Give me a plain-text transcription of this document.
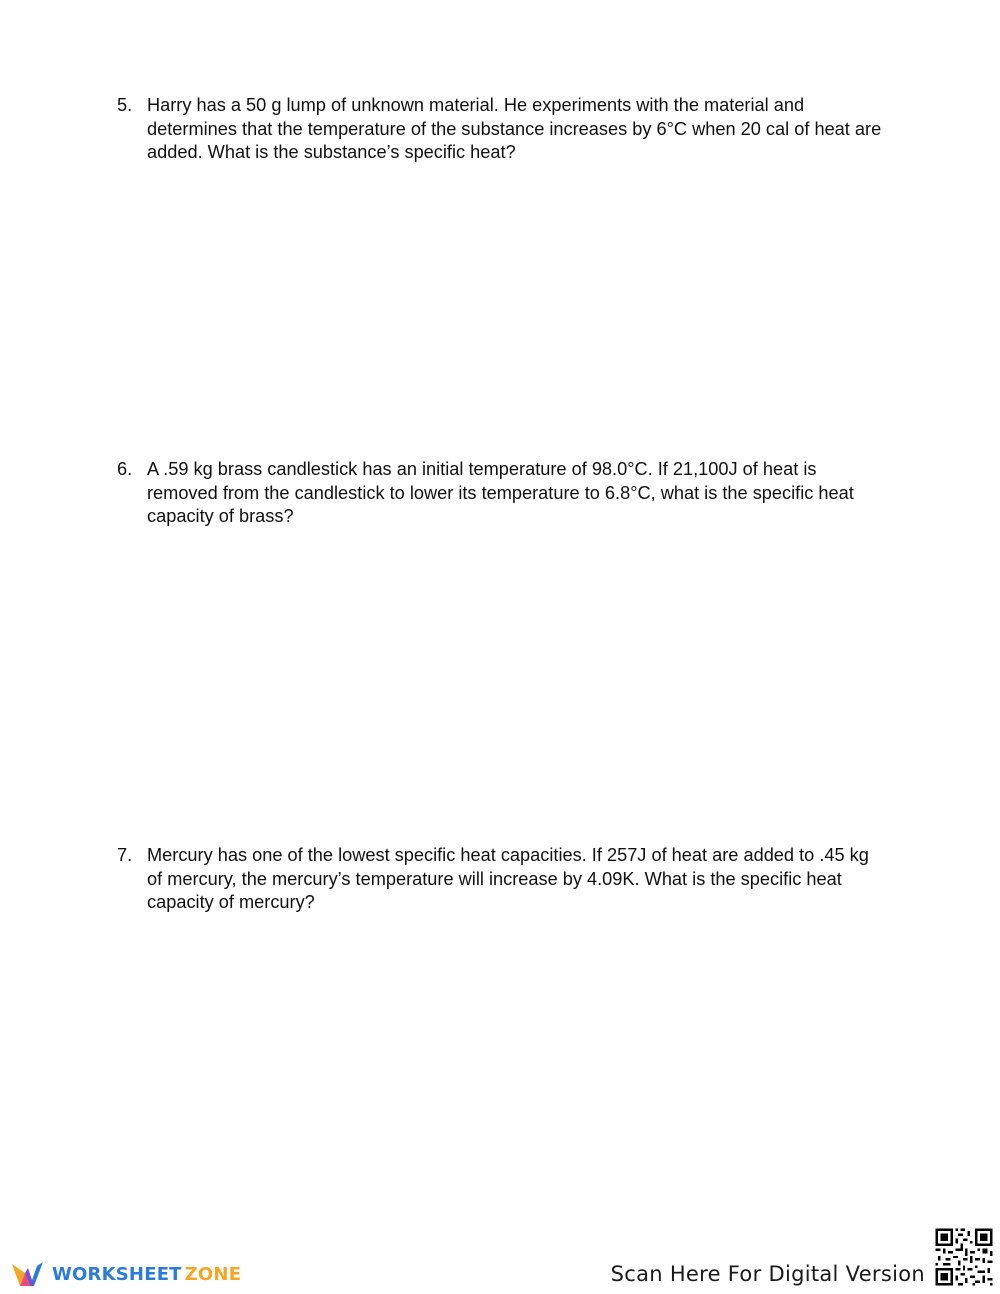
5. Harry has a 50 g lump of unknown material. He experiments with the material and determines that the temperature of the substance increases by 6°C when 20 cal of heat are added. What is the substance’s specific heat?
6. A .59 kg brass candlestick has an initial temperature of 98.0°C. If 21,100J of heat is removed from the candlestick to lower its temperature to 6.8°C, what is the specific heat capacity of brass?
7. Mercury has one of the lowest specific heat capacities. If 257J of heat are added to .45 kg of mercury, the mercury’s temperature will increase by 4.09K. What is the specific heat capacity of mercury?
WORKSHEET ZONE	Scan Here For Digital Version
